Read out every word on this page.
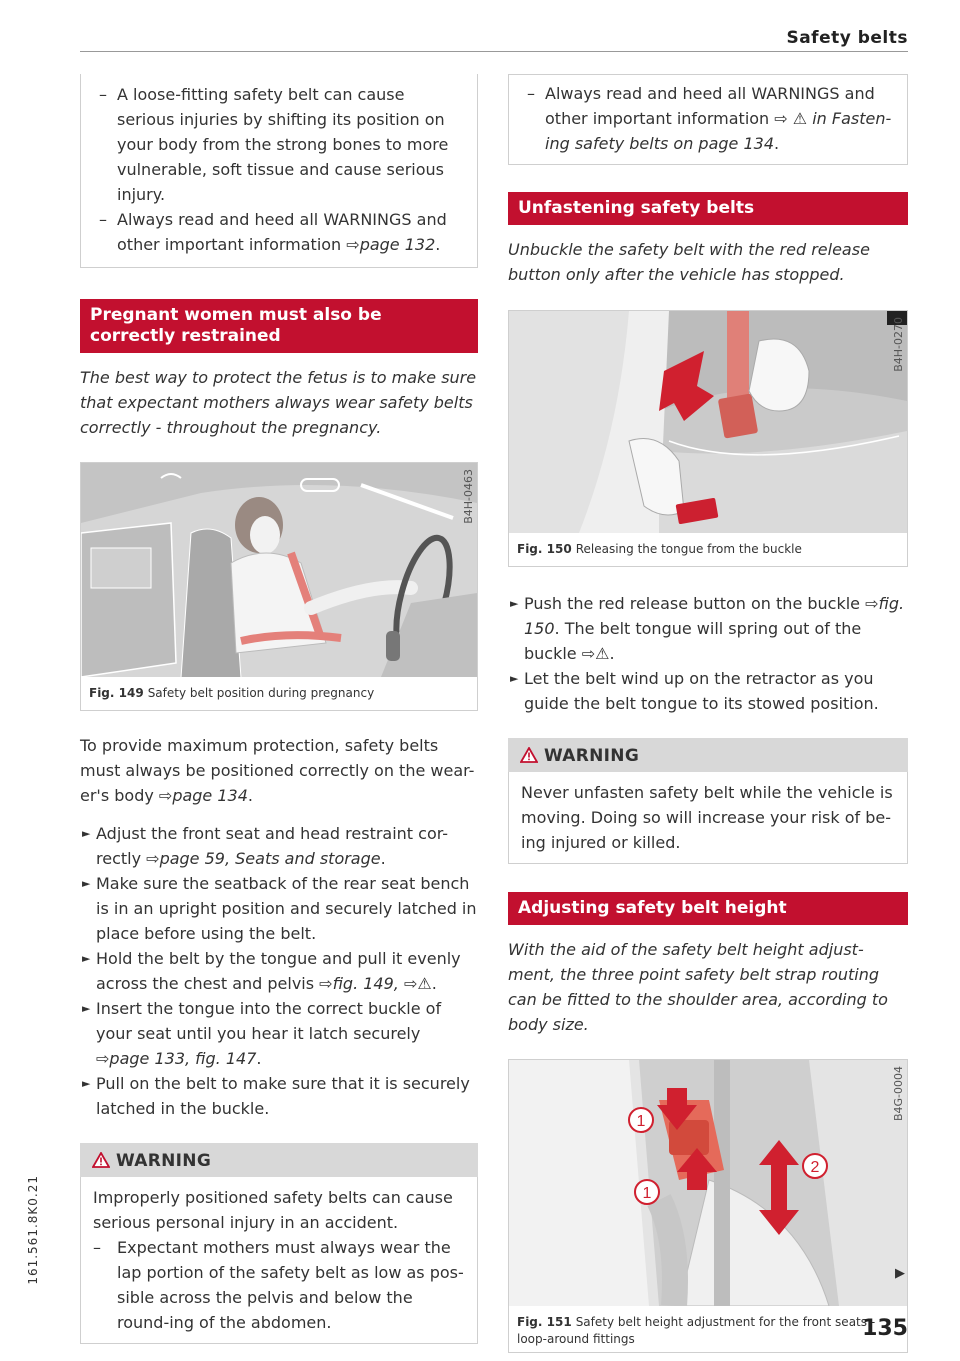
Safety belts
– A loose-fitting safety belt can cause serious injuries by shifting its position on your body from the strong bones to more vulnerable, soft tissue and cause serious injury.
– Always read and heed all WARNINGS and other important information ⇨page 132.
Pregnant women must also be correctly restrained
The best way to protect the fetus is to make sure that expectant mothers always wear safety belts correctly - throughout the pregnancy.
B4H-0463
Fig. 149 Safety belt position during pregnancy
To provide maximum protection, safety belts must always be positioned correctly on the wear-er's body ⇨page 134.
► Adjust the front seat and head restraint cor-rectly ⇨page 59, Seats and storage.
► Make sure the seatback of the rear seat bench is in an upright position and securely latched in place before using the belt.
► Hold the belt by the tongue and pull it evenly across the chest and pelvis ⇨fig. 149, ⇨⚠.
► Insert the tongue into the correct buckle of your seat until you hear it latch securely ⇨page 133, fig. 147.
► Pull on the belt to make sure that it is securely latched in the buckle.
WARNING
Improperly positioned safety belts can cause serious personal injury in an accident.
– Expectant mothers must always wear the lap portion of the safety belt as low as pos-sible across the pelvis and below the round-ing of the abdomen.
– Always read and heed all WARNINGS and other important information ⇨ ⚠ in Fasten-ing safety belts on page 134.
Unfastening safety belts
Unbuckle the safety belt with the red release button only after the vehicle has stopped.
B4H-0270
Fig. 150 Releasing the tongue from the buckle
► Push the red release button on the buckle ⇨fig. 150. The belt tongue will spring out of the buckle ⇨⚠.
► Let the belt wind up on the retractor as you guide the belt tongue to its stowed position.
WARNING
Never unfasten safety belt while the vehicle is moving. Doing so will increase your risk of be-ing injured or killed.
Adjusting safety belt height
With the aid of the safety belt height adjust-ment, the three point safety belt strap routing can be fitted to the shoulder area, according to body size.
1
1
2
B4G-0004
Fig. 151 Safety belt height adjustment for the front seats - loop-around fittings
▶
135
161.561.8K0.21
